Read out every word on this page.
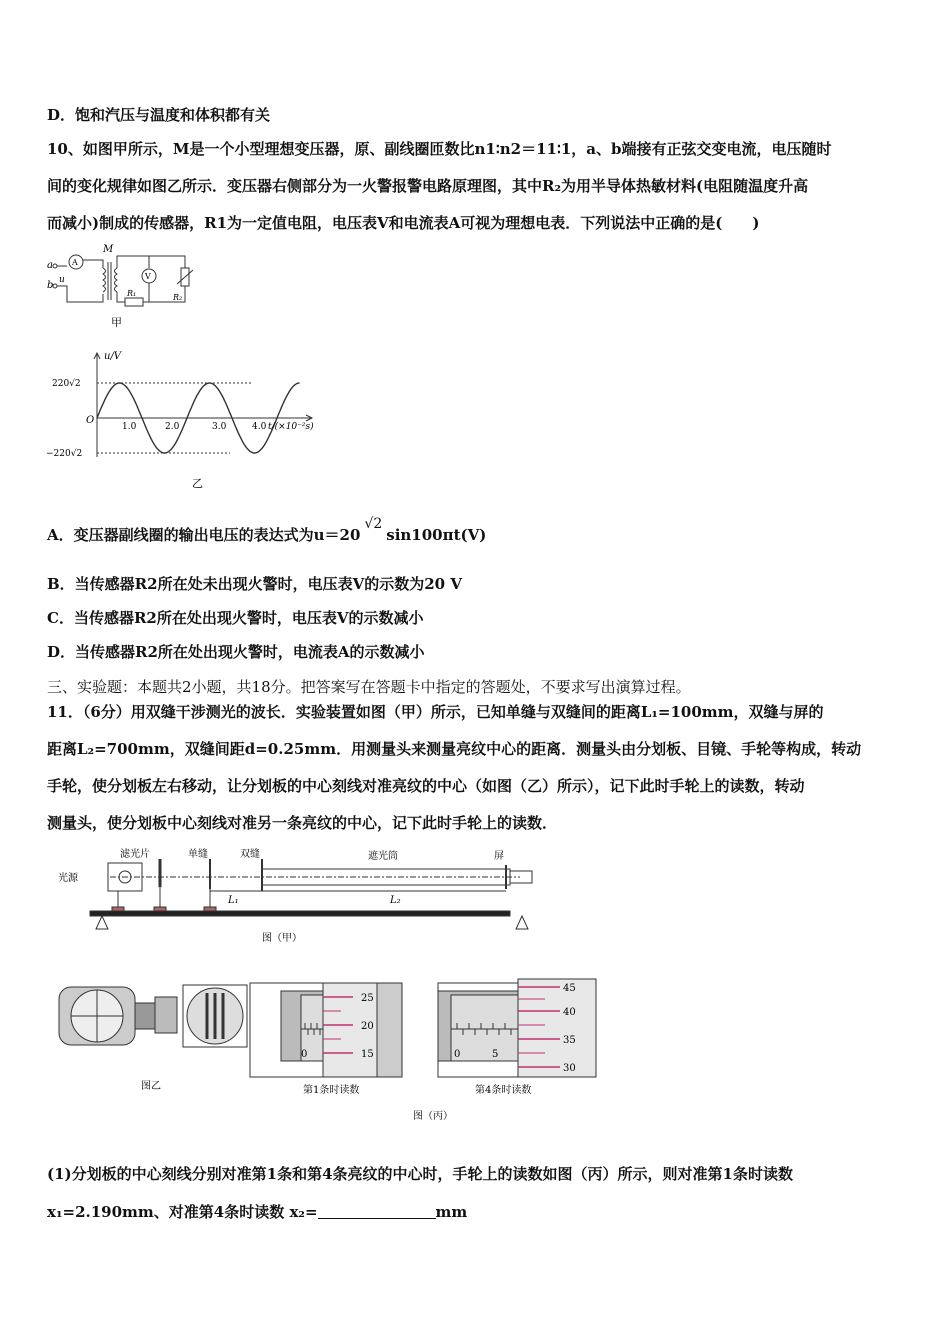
D．饱和汽压与温度和体积都有关
10、如图甲所示，M是一个小型理想变压器，原、副线圈匝数比n1∶n2＝11∶1，a、b端接有正弦交变电流，电压随时
间的变化规律如图乙所示．变压器右侧部分为一火警报警电路原理图，其中R₂为用半导体热敏材料(电阻随温度升高
而减小)制成的传感器，R1为一定值电阻，电压表V和电流表A可视为理想电表．下列说法中正确的是(　　)
a
b u
M
A
V
R₁	R₂
甲
u/V
O
220√2
−220√2
1.0	2.0	3.0	4.0 t/(×10⁻²s)
乙
A．变压器副线圈的输出电压的表达式为u＝20√2sin100πt(V)
B．当传感器R2所在处未出现火警时，电压表V的示数为20 V
C．当传感器R2所在处出现火警时，电压表V的示数减小
D．当传感器R2所在处出现火警时，电流表A的示数减小
三、实验题：本题共2小题，共18分。把答案写在答题卡中指定的答题处，不要求写出演算过程。
11．（6分）用双缝干涉测光的波长．实验装置如图（甲）所示，已知单缝与双缝间的距离L₁=100mm，双缝与屏的
距离L₂=700mm，双缝间距d=0.25mm．用测量头来测量亮纹中心的距离．测量头由分划板、目镜、手轮等构成，转动
手轮，使分划板左右移动，让分划板的中心刻线对准亮纹的中心（如图（乙）所示），记下此时手轮上的读数，转动
测量头，使分划板中心刻线对准另一条亮纹的中心，记下此时手轮上的读数．
光源
滤光片	单缝	双缝	遮光筒	屏
L₁	L₂
图（甲）
图乙
25
20
15
0
第1条时读数
45
40
35
30
0	5
第4条时读数
图（丙）
(1)分划板的中心刻线分别对准第1条和第4条亮纹的中心时，手轮上的读数如图（丙）所示，则对准第1条时读数
x₁=2.190mm、对准第4条时读数 x₂=	mm
